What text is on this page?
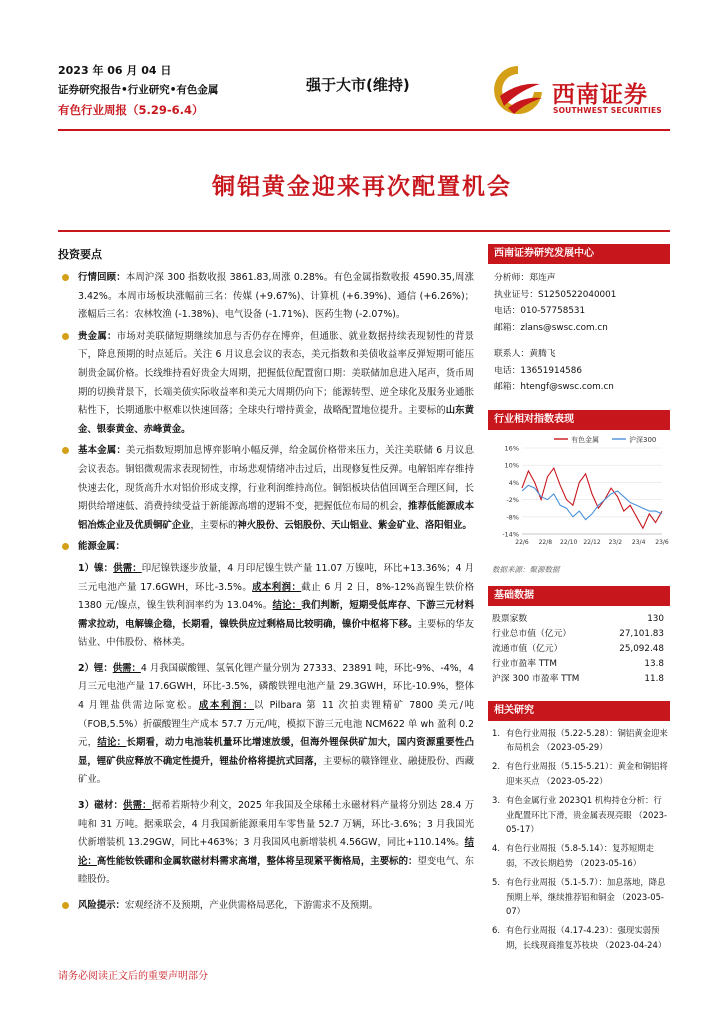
2023 年 06 月 04 日
证券研究报告•行业研究•有色金属
有色行业周报（5.29-6.4）
强于大市(维持)	西南证券
SOUTHWEST SECURITIES
铜铝黄金迎来再次配置机会
投资要点
行情回顾：本周沪深 300 指数收报 3861.83,周涨 0.28%。有色金属指数收报 4590.35,周涨 3.42%。本周市场板块涨幅前三名：传媒 (+9.67%)、计算机 (+6.39%)、通信 (+6.26%)；涨幅后三名：农林牧渔 (-1.38%)、电气设备 (-1.71%)、医药生物 (-2.07%)。
贵金属：市场对美联储短期继续加息与否仍存在博弈，但通胀、就业数据持续表现韧性的背景下，降息预期的时点延后。关注 6 月议息会议的表态，美元指数和美债收益率反弹短期可能压制贵金属价格。长线维持看好贵金大周期，把握低位配置窗口期：美联储加息进入尾声，货币周期的切换背景下，长端美债实际收益率和美元大周期仍向下；能源转型、逆全球化及服务业通胀粘性下，长期通胀中枢难以快速回落；全球央行增持黄金，战略配置地位提升。主要标的山东黄金、银泰黄金、赤峰黄金。
基本金属：美元指数短期加息博弈影响小幅反弹，给金属价格带来压力，关注美联储 6 月议息会议表态。铜铝微观需求表现韧性，市场悲观情绪冲击过后，出现修复性反弹。电解铝库存维持快速去化，现货高升水对铝价形成支撑，行业利润维持高位。铜铝板块估值回调至合理区间，长期供给增速低、消费持续受益于新能源高增的逻辑不变，把握低位布局的机会，推荐低能源成本铝冶炼企业及优质铜矿企业，主要标的神火股份、云铝股份、天山铝业、紫金矿业、洛阳钼业。
能源金属：
1）镍：供需：印尼镍铁逐步放量，4 月印尼镍生铁产量 11.07 万镍吨，环比+13.36%；4 月三元电池产量 17.6GWH，环比-3.5%。成本利润：截止 6 月 2 日，8%-12%高镍生铁价格 1380 元/镍点，镍生铁利润率约为 13.04%。结论：我们判断，短期受低库存、下游三元材料需求拉动，电解镍企稳，长期看，镍铁供应过剩格局比较明确，镍价中枢将下移。主要标的华友钴业、中伟股份、格林美。
2）锂：供需：4 月我国碳酸锂、氢氧化锂产量分别为 27333、23891 吨，环比-9%、-4%，4 月三元电池产量 17.6GWH，环比-3.5%，磷酸铁锂电池产量 29.3GWH，环比-10.9%，整体 4 月锂盐供需边际宽松。成本利润：以 Pilbara 第 11 次拍卖锂精矿 7800 美元/吨（FOB,5.5%）折碳酸锂生产成本 57.7 万元/吨，模拟下游三元电池 NCM622 单 wh 盈利 0.2 元，结论：长期看，动力电池装机量环比增速放缓，但海外锂保供矿加大，国内资源重要性凸显，锂矿供应释放不确定性提升，锂盐价格将提抗式回落，主要标的赣锋锂业、融捷股份、西藏矿业。
3）磁材：供需：据希若斯特少利文，2025 年我国及全球稀土永磁材料产量将分别达 28.4 万吨和 31 万吨。据乘联会，4 月我国新能源乘用车零售量 52.7 万辆，环比-3.6%；3 月我国光伏新增装机 13.29GW，同比+463%；3 月我国风电新增装机 4.56GW，同比+110.14%。结论：高性能钕铁硼和金属软磁材料需求高增，整体将呈现紧平衡格局，主要标的：望变电气、东睦股份。
风险提示：宏观经济不及预期，产业供需格局恶化，下游需求不及预期。
西南证券研究发展中心
分析师：郑连声
执业证号：S1250522040001
电话：010-57758531
邮箱：zlans@swsc.com.cn
联系人：黄腾飞
电话：13651914586
邮箱：htengf@swsc.com.cn
行业相对指数表现
有色金属	沪深300
16%
10%
4%
-2%
-8%
-14%
22/6 22/8 22/10 22/12 23/2 23/4 23/6
数据来源：聚源数据
基础数据
股票家数	130
行业总市值（亿元）	27,101.83
流通市值（亿元）	25,092.48
行业市盈率 TTM	13.8
沪深 300 市盈率 TTM	11.8
相关研究
1. 有色行业周报（5.22-5.28）：铜铝黄金迎来布局机会 （2023-05-29）
2. 有色行业周报（5.15-5.21）：黄金和铜铝将迎来买点 （2023-05-22）
3. 有色金属行业 2023Q1 机构持仓分析：行业配置环比下滑，贵金属表现亮眼 （2023-05-17）
4. 有色行业周报（5.8-5.14）：复苏短期走弱，不改长期趋势 （2023-05-16）
5. 有色行业周报（5.1-5.7）：加息落地，降息预期上举，继续推荐铝和铜金 （2023-05-07）
6. 有色行业周报（4.17-4.23）：强现实弱预期，长线现商推复苏枝块 （2023-04-24）
请务必阅读正文后的重要声明部分
